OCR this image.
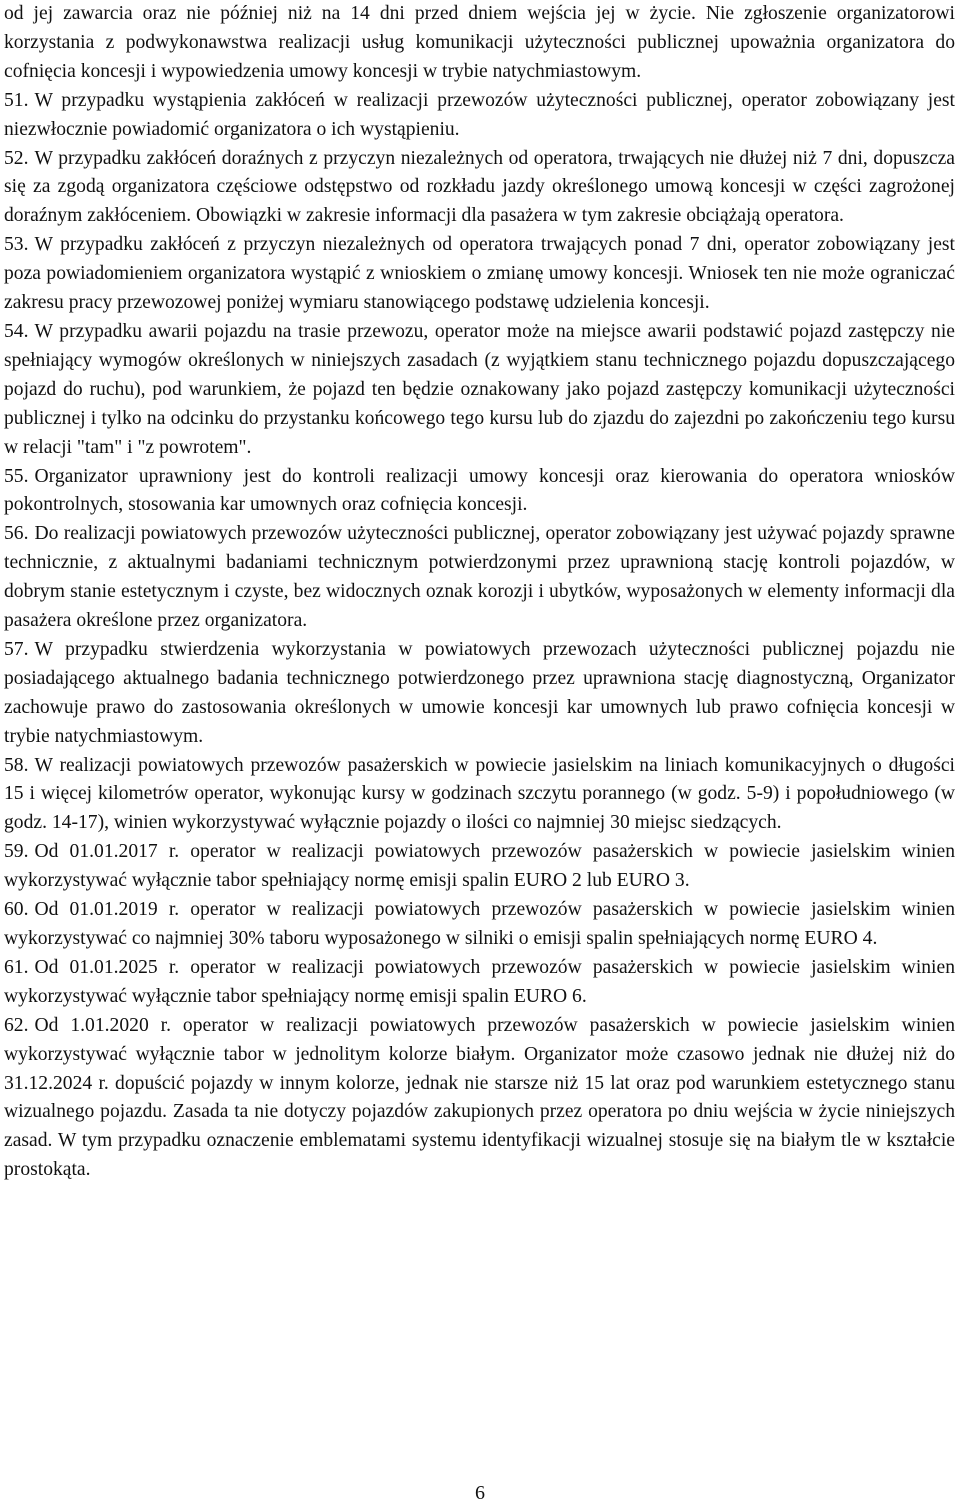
od jej zawarcia oraz nie później niż na 14 dni przed dniem wejścia jej w życie. Nie zgłoszenie organizatorowi korzystania z podwykonawstwa realizacji usług komunikacji użyteczności publicznej upoważnia organizatora do cofnięcia koncesji i wypowiedzenia umowy koncesji w trybie natychmiastowym.

51. W przypadku wystąpienia zakłóceń w realizacji przewozów użyteczności publicznej, operator zobowiązany jest niezwłocznie powiadomić organizatora o ich wystąpieniu.

52. W przypadku zakłóceń doraźnych z przyczyn niezależnych od operatora, trwających nie dłużej niż 7 dni, dopuszcza się za zgodą organizatora częściowe odstępstwo od rozkładu jazdy określonego umową koncesji w części zagrożonej doraźnym zakłóceniem. Obowiązki w zakresie informacji dla pasażera w tym zakresie obciążają operatora.

53. W przypadku zakłóceń z przyczyn niezależnych od operatora trwających ponad 7 dni, operator zobowiązany jest poza powiadomieniem organizatora wystąpić z wnioskiem o zmianę umowy koncesji. Wniosek ten nie może ograniczać zakresu pracy przewozowej poniżej wymiaru stanowiącego podstawę udzielenia koncesji.

54. W przypadku awarii pojazdu na trasie przewozu, operator może na miejsce awarii podstawić pojazd zastępczy nie spełniający wymogów określonych w niniejszych zasadach (z wyjątkiem stanu technicznego pojazdu dopuszczającego pojazd do ruchu), pod warunkiem, że pojazd ten będzie oznakowany jako pojazd zastępczy komunikacji użyteczności publicznej i tylko na odcinku do przystanku końcowego tego kursu lub do zjazdu do zajezdni po zakończeniu tego kursu w relacji "tam" i "z powrotem".

55. Organizator uprawniony jest do kontroli realizacji umowy koncesji oraz kierowania do operatora wniosków pokontrolnych, stosowania kar umownych oraz cofnięcia koncesji.

56. Do realizacji powiatowych przewozów użyteczności publicznej, operator zobowiązany jest używać pojazdy sprawne technicznie, z aktualnymi badaniami technicznym potwierdzonymi przez uprawnioną stację kontroli pojazdów, w dobrym stanie estetycznym i czyste, bez widocznych oznak korozji i ubytków, wyposażonych w elementy informacji dla pasażera określone przez organizatora.

57. W przypadku stwierdzenia wykorzystania w powiatowych przewozach użyteczności publicznej pojazdu nie posiadającego aktualnego badania technicznego potwierdzonego przez uprawniona stację diagnostyczną, Organizator zachowuje prawo do zastosowania określonych w umowie koncesji kar umownych lub prawo cofnięcia koncesji w trybie natychmiastowym.

58. W realizacji powiatowych przewozów pasażerskich w powiecie jasielskim na liniach komunikacyjnych o długości 15 i więcej kilometrów operator, wykonując kursy w godzinach szczytu porannego (w godz. 5-9) i popołudniowego (w godz. 14-17), winien wykorzystywać wyłącznie pojazdy o ilości co najmniej 30 miejsc siedzących.

59. Od 01.01.2017 r. operator w realizacji powiatowych przewozów pasażerskich w powiecie jasielskim winien wykorzystywać wyłącznie tabor spełniający normę emisji spalin EURO 2 lub EURO 3.

60. Od 01.01.2019 r. operator w realizacji powiatowych przewozów pasażerskich w powiecie jasielskim winien wykorzystywać co najmniej 30% taboru wyposażonego w silniki o emisji spalin spełniających normę EURO 4.

61. Od 01.01.2025 r. operator w realizacji powiatowych przewozów pasażerskich w powiecie jasielskim winien wykorzystywać wyłącznie tabor spełniający normę emisji spalin EURO 6.

62. Od 1.01.2020 r. operator w realizacji powiatowych przewozów pasażerskich w powiecie jasielskim winien wykorzystywać wyłącznie tabor w jednolitym kolorze białym. Organizator może czasowo jednak nie dłużej niż do 31.12.2024 r. dopuścić pojazdy w innym kolorze, jednak nie starsze niż 15 lat oraz pod warunkiem estetycznego stanu wizualnego pojazdu. Zasada ta nie dotyczy pojazdów zakupionych przez operatora po dniu wejścia w życie niniejszych zasad. W tym przypadku oznaczenie emblematami systemu identyfikacji wizualnej stosuje się na białym tle w kształcie prostokąta.

6
